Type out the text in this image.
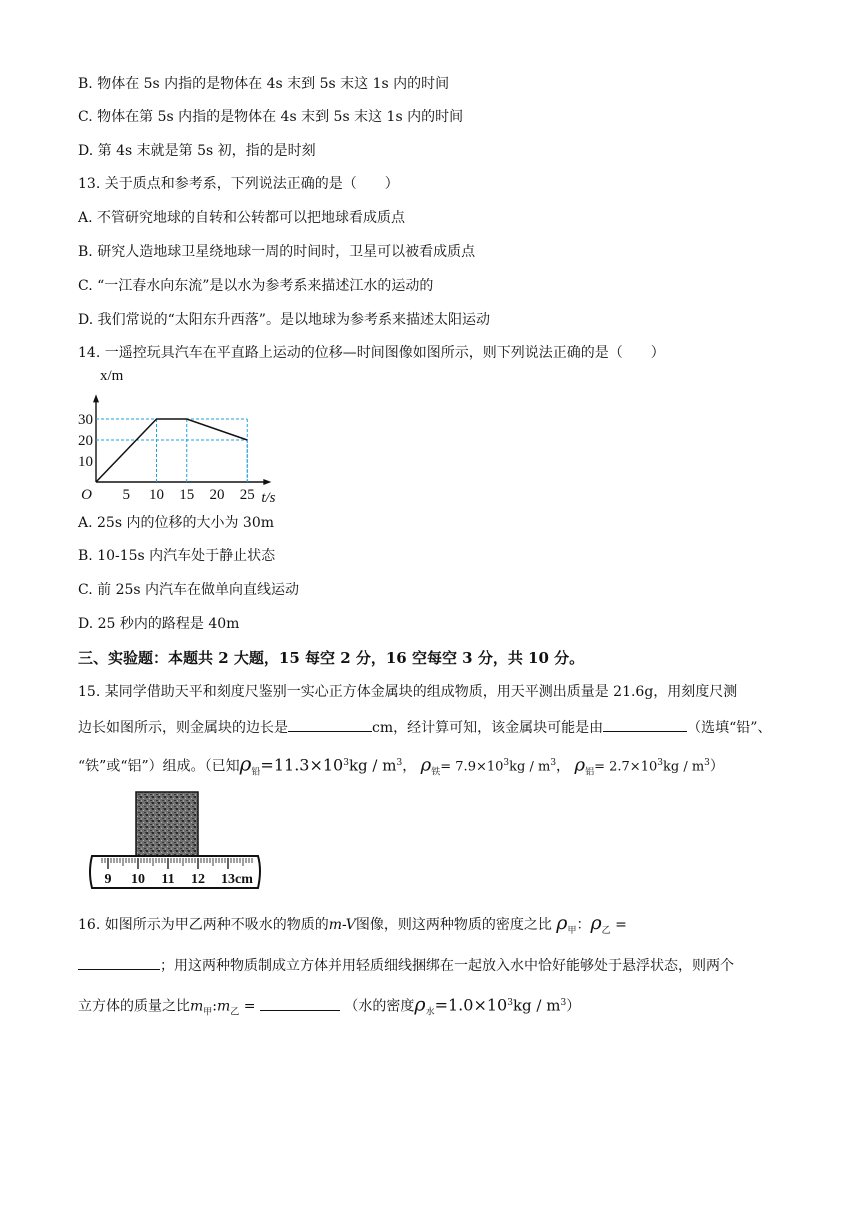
B. 物体在 5s 内指的是物体在 4s 末到 5s 末这 1s 内的时间
C. 物体在第 5s 内指的是物体在 4s 末到 5s 末这 1s 内的时间
D. 第 4s 末就是第 5s 初，指的是时刻
13. 关于质点和参考系，下列说法正确的是（　　）
A. 不管研究地球的自转和公转都可以把地球看成质点
B. 研究人造地球卫星绕地球一周的时间时，卫星可以被看成质点
C. “一江春水向东流”是以水为参考系来描述江水的运动的
D. 我们常说的“太阳东升西落”。是以地球为参考系来描述太阳运动
14. 一遥控玩具汽车在平直路上运动的位移—时间图像如图所示，则下列说法正确的是（　　）
5 10 15 20 25
10
20
30
O
x/m
t/s
A. 25s 内的位移的大小为 30m
B. 10-15s 内汽车处于静止状态
C. 前 25s 内汽车在做单向直线运动
D. 25 秒内的路程是 40m
三、实验题：本题共 2 大题，15 每空 2 分，16 空每空 3 分，共 10 分。
15. 某同学借助天平和刻度尺鉴别一实心正方体金属块的组成物质，用天平测出质量是 21.6g，用刻度尺测
边长如图所示，则金属块的边长是	cm，经计算可知，该金属块可能是由	（选填“铅”、
“铁”或“铝”）组成。（已知$\rho_铅=11.3\times 10^3kg / m^3$， $\rho_铁= 7.9\times 10^3kg / m^3$， $\rho_铝= 2.7\times 10^3kg / m^3$）
9 10 11 12 13cm
16. 如图所示为甲乙两种不吸水的物质的m-V图像，则这两种物质的密度之比 $\rho_甲$：$\rho_乙$ =
；用这两种物质制成立方体并用轻质细线捆绑在一起放入水中恰好能够处于悬浮状态，则两个
立方体的质量之比$m_甲:m_乙$ =	（水的密度$\rho_水=1.0\times 10^3kg / m^3$）
